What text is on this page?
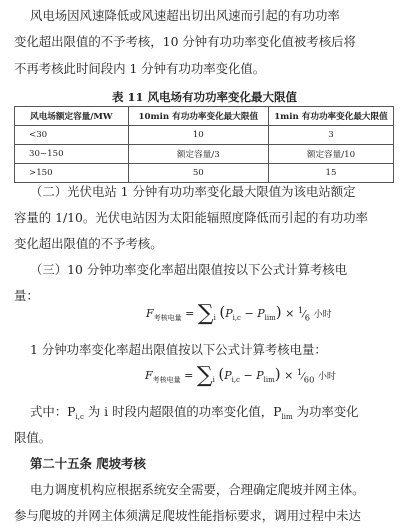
风电场因风速降低或风速超出切出风速而引起的有功功率
变化超出限值的不予考核，10 分钟有功功率变化值被考核后将
不再考核此时间段内 1 分钟有功功率变化值。
表 11 风电场有功功率变化最大限值
风电场额定容量/MW	10min 有功功率变化最大限值	1min 有功功率变化最大限值
<30	10	3
30~150	额定容量/3	额定容量/10
>150	50	15
（二）光伏电站 1 分钟有功功率变化最大限值为该电站额定
容量的 1/10。光伏电站因为太阳能辐照度降低而引起的有功功率
变化超出限值的不予考核。
（三）10 分钟功率变化率超出限值按以下公式计算考核电
量：
$F_{考核电量} = \sum_i$ $(P_{i,c} - P_{lim})$ × $^1⁄_6$ 小时
1 分钟功率变化率超出限值按以下公式计算考核电量：
$F_{考核电量} = \sum_i$ $(P_{i,c} - P_{lim})$ × $^1⁄_{60}$ 小时
式中：$P_{i,c}$ 为 i 时段内超限值的功率变化值，$P_{lim}$ 为功率变化
限值。
第二十五条 爬坡考核
电力调度机构应根据系统安全需要，合理确定爬坡并网主体。
参与爬坡的并网主体须满足爬坡性能指标要求，调用过程中未达
